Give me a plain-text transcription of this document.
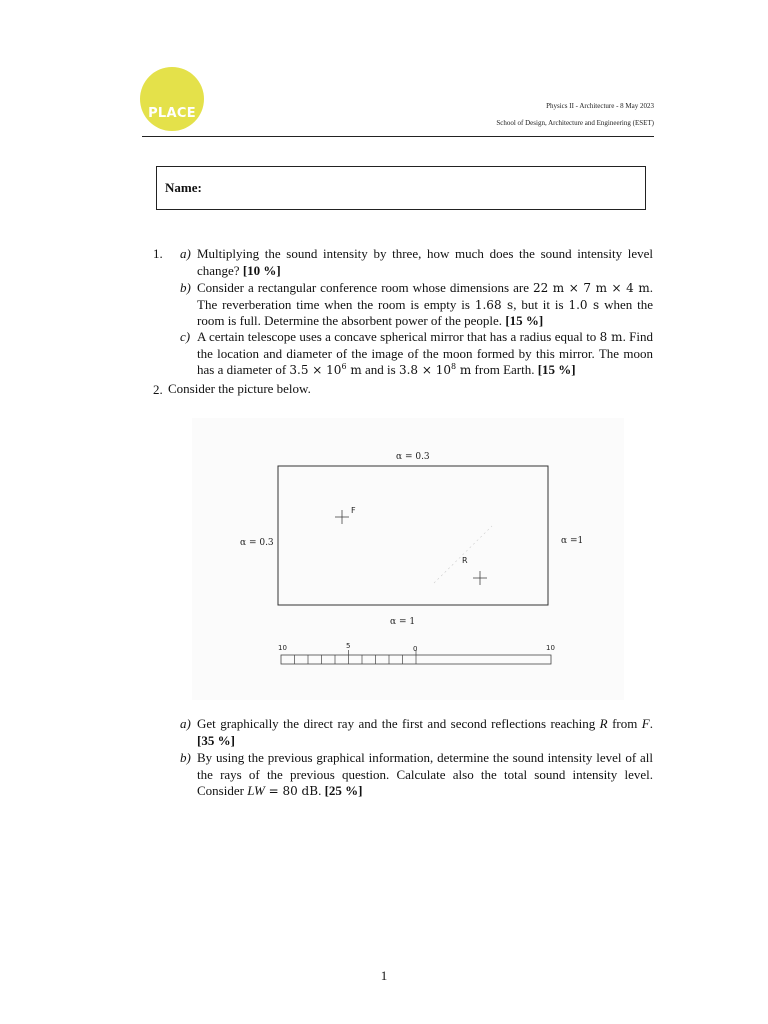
PLACE	Physics II - Architecture - 8 May 2023
School of Design, Architecture and Engineering (ESET)
Name:
1. a) Multiplying the sound intensity by three, how much does the sound intensity level change? [10 %]
b) Consider a rectangular conference room whose dimensions are 22 m × 7 m × 4 m. The reverberation time when the room is empty is 1.68 s, but it is 1.0 s when the room is full. Determine the absorbent power of the people. [15 %]
c) A certain telescope uses a concave spherical mirror that has a radius equal to 8 m. Find the location and diameter of the image of the moon formed by this mirror. The moon has a diameter of $3.5 \times 10^6$ m and is $3.8 \times 10^8$ m from Earth. [15 %]
2. Consider the picture below.
α = 0.3
α = 0.3	α =1
α = 1
F
R
10	5	0	10
a) Get graphically the direct ray and the first and second reflections reaching R from F. [35 %]
b) By using the previous graphical information, determine the sound intensity level of all the rays of the previous question. Calculate also the total sound intensity level. Consider LW = 80 dB. [25 %]
1
